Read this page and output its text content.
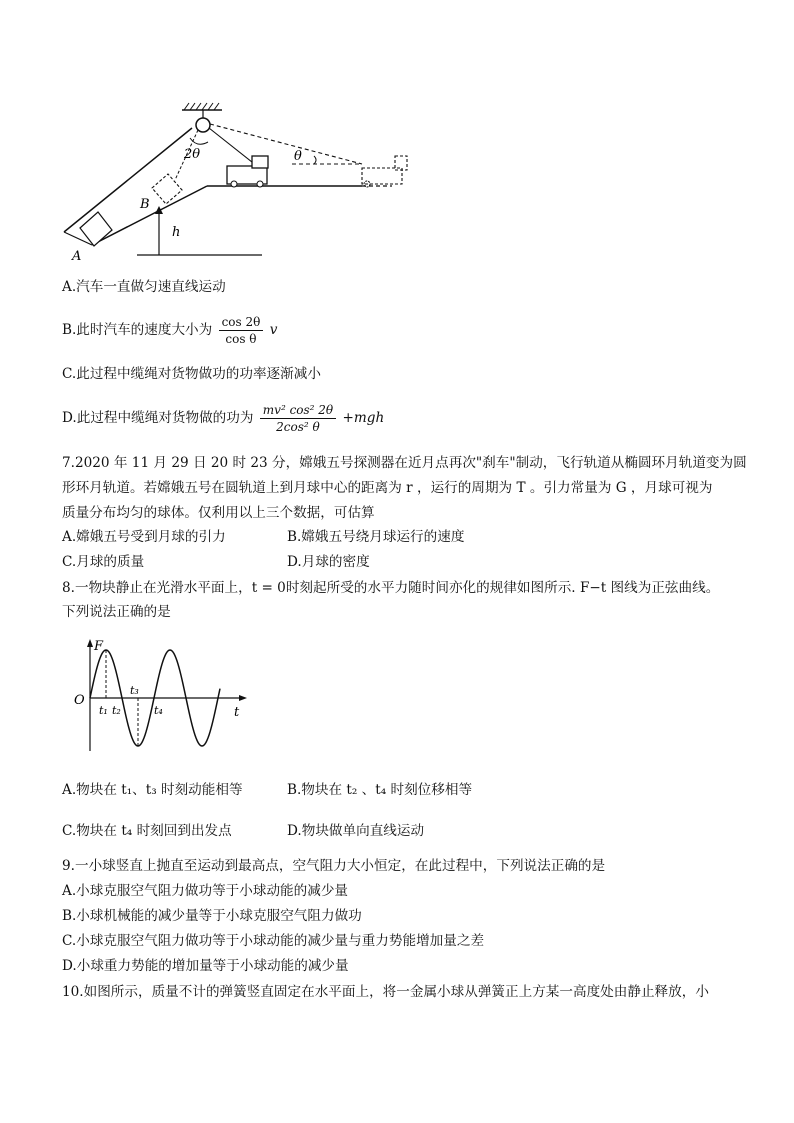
A
B
h
2θ	θ
A.汽车一直做匀速直线运动
B.此时汽车的速度大小为 $\frac{\cos 2\theta}{\text{cos θ}}$ v
C.此过程中缆绳对货物做功的功率逐渐减小
D.此过程中缆绳对货物做的功为 $\frac{\text{mv² cos² 2θ}}{\text{2cos² θ}} +mgh$
7.2020 年 11 月 29 日 20 时 23 分，嫦娥五号探测器在近月点再次"刹车"制动，飞行轨道从椭圆环月轨道变为圆
形环月轨道。若嫦娥五号在圆轨道上到月球中心的距离为 r ，运行的周期为 T 。引力常量为 G ，月球可视为
质量分布均匀的球体。仅利用以上三个数据，可估算
A.嫦娥五号受到月球的引力	B.嫦娥五号绕月球运行的速度
C.月球的质量	D.月球的密度
8.一物块静止在光滑水平面上，t = 0时刻起所受的水平力随时间亦化的规律如图所示. F−t 图线为正弦曲线。
下列说法正确的是
F
O
t
t₁ t₂
t₃
t₄
A.物块在 t₁、t₃ 时刻动能相等	B.物块在 t₂ 、t₄ 时刻位移相等
C.物块在 t₄ 时刻回到出发点	D.物块做单向直线运动
9.一小球竖直上抛直至运动到最高点，空气阻力大小恒定，在此过程中，下列说法正确的是
A.小球克服空气阻力做功等于小球动能的减少量
B.小球机械能的减少量等于小球克服空气阻力做功
C.小球克服空气阻力做功等于小球动能的减少量与重力势能增加量之差
D.小球重力势能的增加量等于小球动能的减少量
10.如图所示，质量不计的弹簧竖直固定在水平面上，将一金属小球从弹簧正上方某一高度处由静止释放，小
